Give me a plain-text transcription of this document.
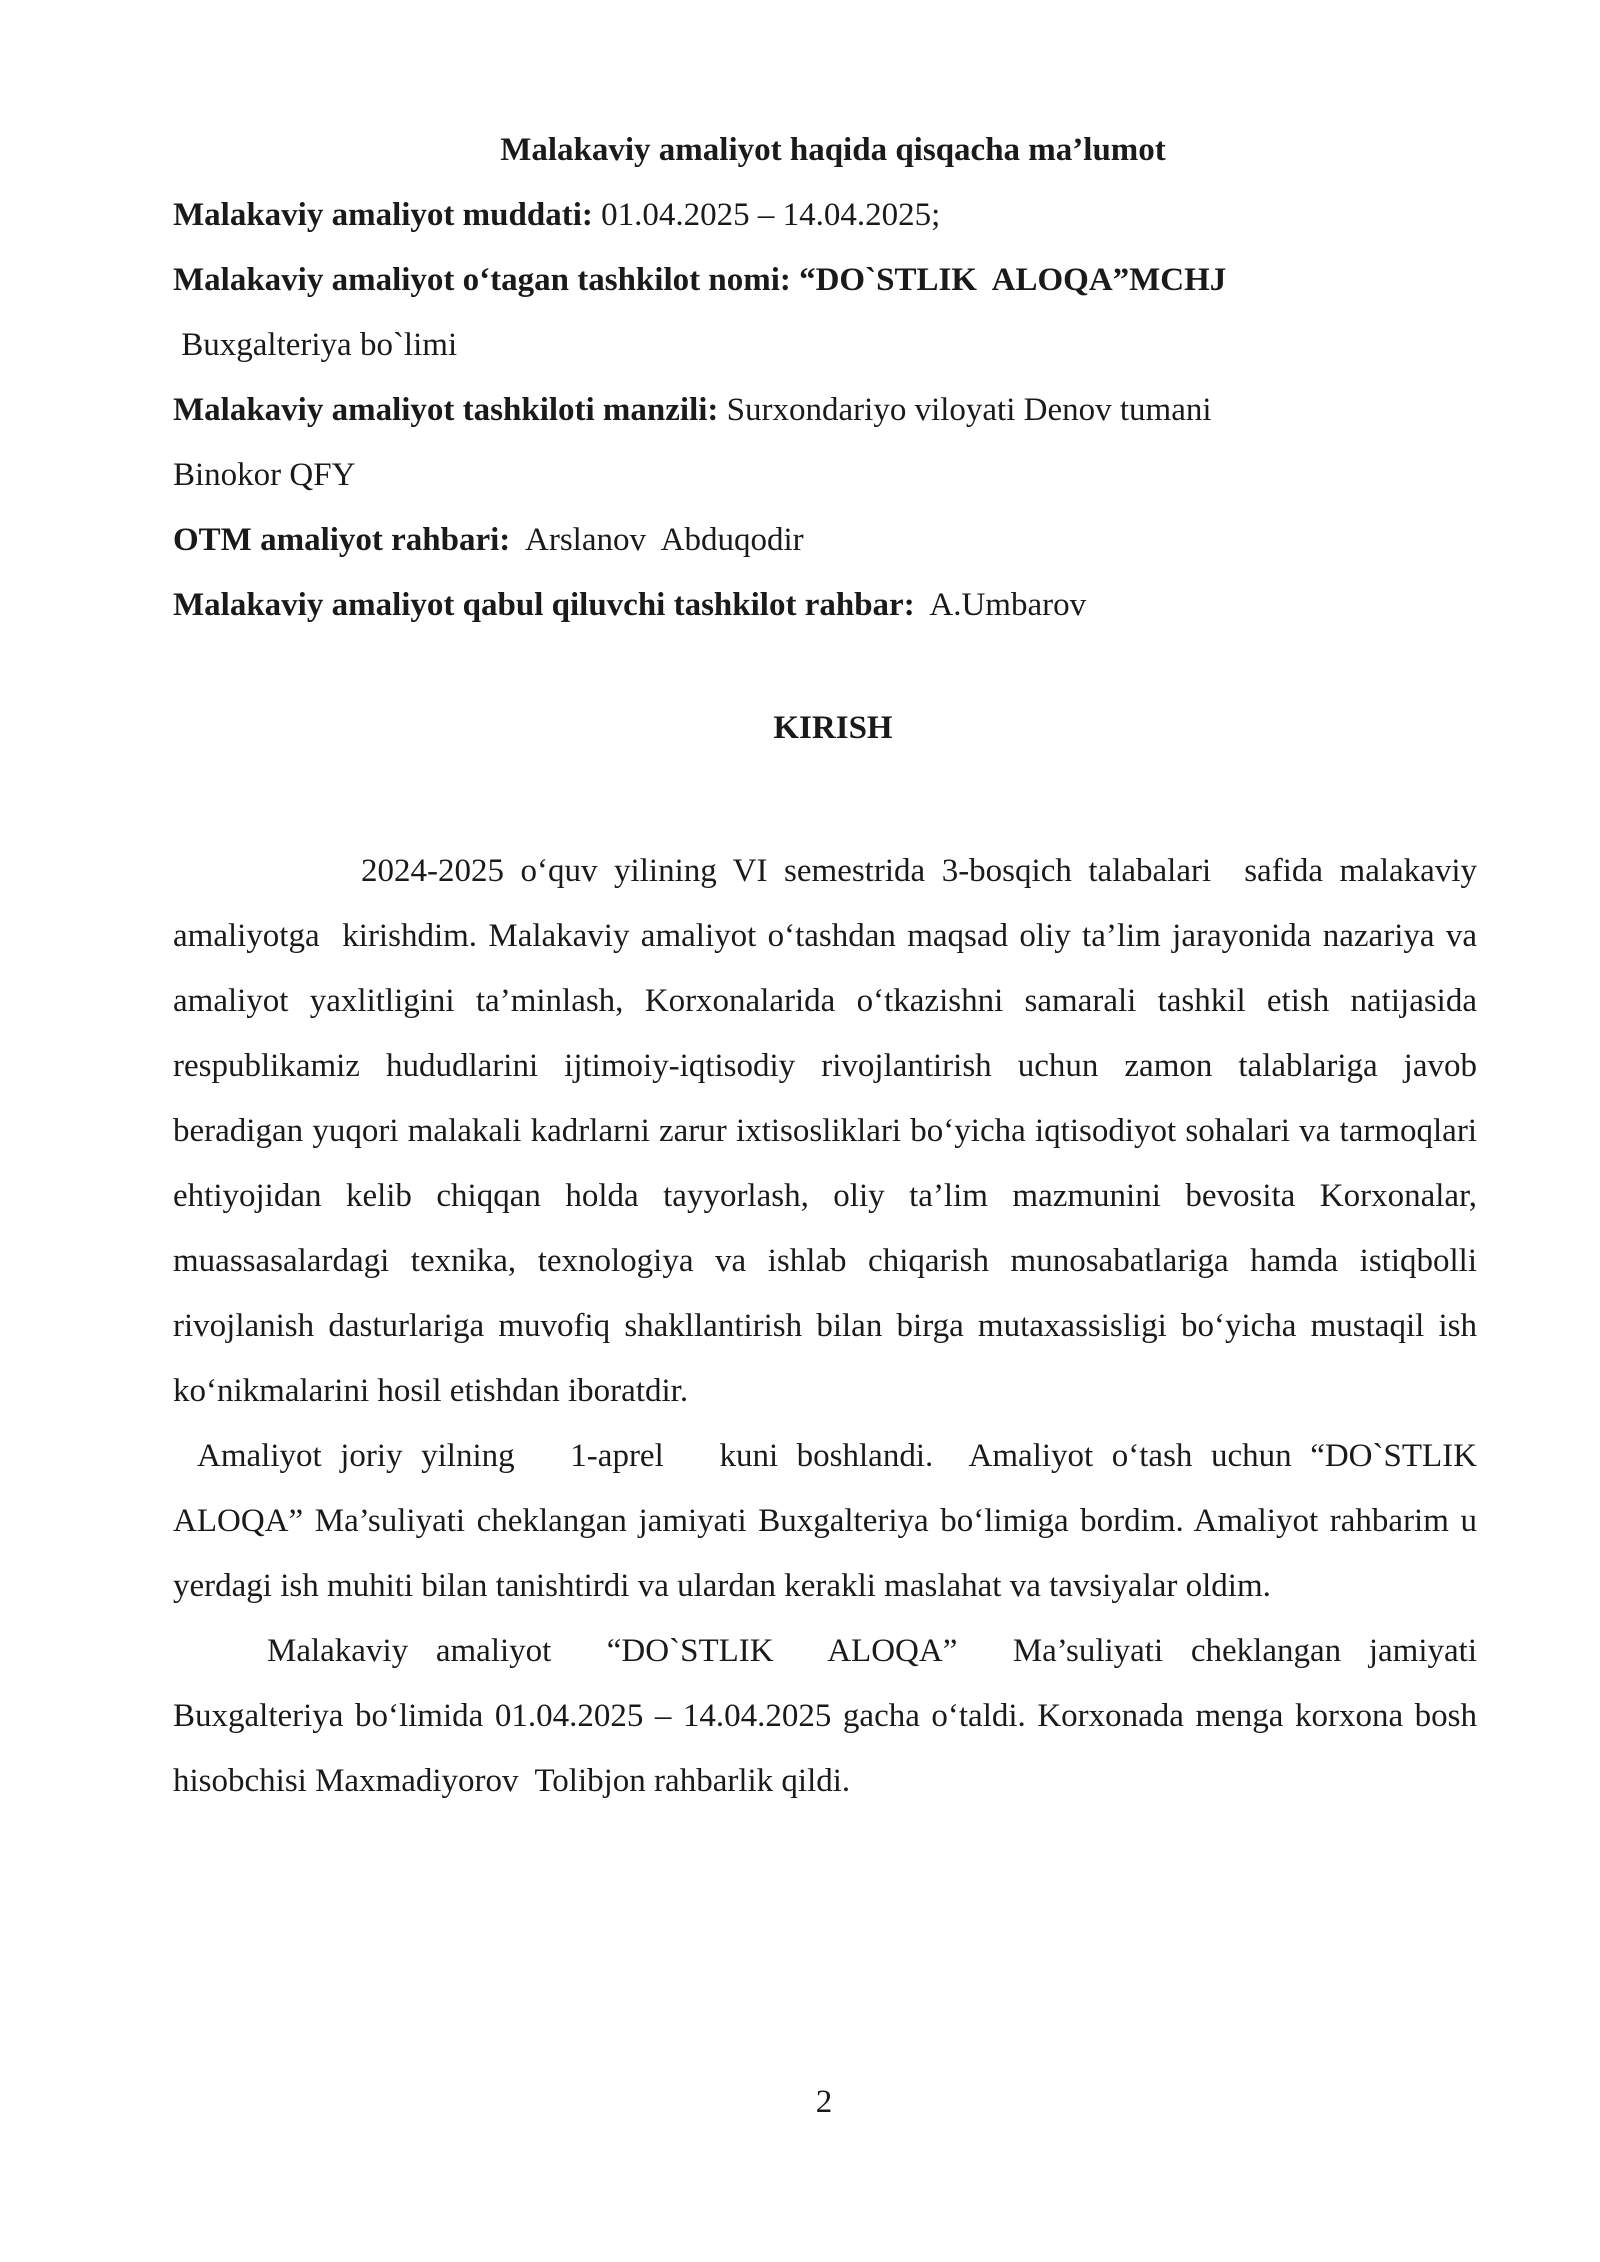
Malakaviy amaliyot haqida qisqacha ma’lumot

Malakaviy amaliyot muddati: 01.04.2025 – 14.04.2025;

Malakaviy amaliyot o‘tagan tashkilot nomi: “DO`STLIK  ALOQA”MCHJ

Buxgalteriya bo`limi

Malakaviy amaliyot tashkiloti manzili: Surxondariyo viloyati Denov tumani

Binokor QFY

OTM amaliyot rahbari:  Arslanov  Abduqodir

Malakaviy amaliyot qabul qiluvchi tashkilot rahbar:  A.Umbarov

KIRISH

2024-2025 o‘quv yilining VI semestrida 3-bosqich talabalari  safida malakaviy amaliyotga  kirishdim. Malakaviy amaliyot o‘tashdan maqsad oliy ta’lim jarayonida nazariya va amaliyot yaxlitligini ta’minlash, Korxonalarida o‘tkazishni samarali tashkil etish natijasida respublikamiz hududlarini ijtimoiy-iqtisodiy rivojlantirish uchun zamon talablariga javob beradigan yuqori malakali kadrlarni zarur ixtisosliklari bo‘yicha iqtisodiyot sohalari va tarmoqlari ehtiyojidan kelib chiqqan holda tayyorlash, oliy ta’lim mazmunini bevosita Korxonalar, muassasalardagi texnika, texnologiya va ishlab chiqarish munosabatlariga hamda istiqbolli rivojlanish dasturlariga muvofiq shakllantirish bilan birga mutaxassisligi bo‘yicha mustaqil ish ko‘nikmalarini hosil etishdan iboratdir.

Amaliyot joriy yilning   1-aprel   kuni boshlandi.  Amaliyot o‘tash uchun “DO`STLIK  ALOQA” Ma’suliyati cheklangan jamiyati Buxgalteriya bo‘limiga bordim. Amaliyot rahbarim u yerdagi ish muhiti bilan tanishtirdi va ulardan kerakli maslahat va tavsiyalar oldim.

Malakaviy amaliyot  “DO`STLIK  ALOQA”  Ma’suliyati cheklangan jamiyati Buxgalteriya bo‘limida 01.04.2025 – 14.04.2025 gacha o‘taldi. Korxonada menga korxona bosh hisobchisi Maxmadiyorov  Tolibjon rahbarlik qildi.

2
